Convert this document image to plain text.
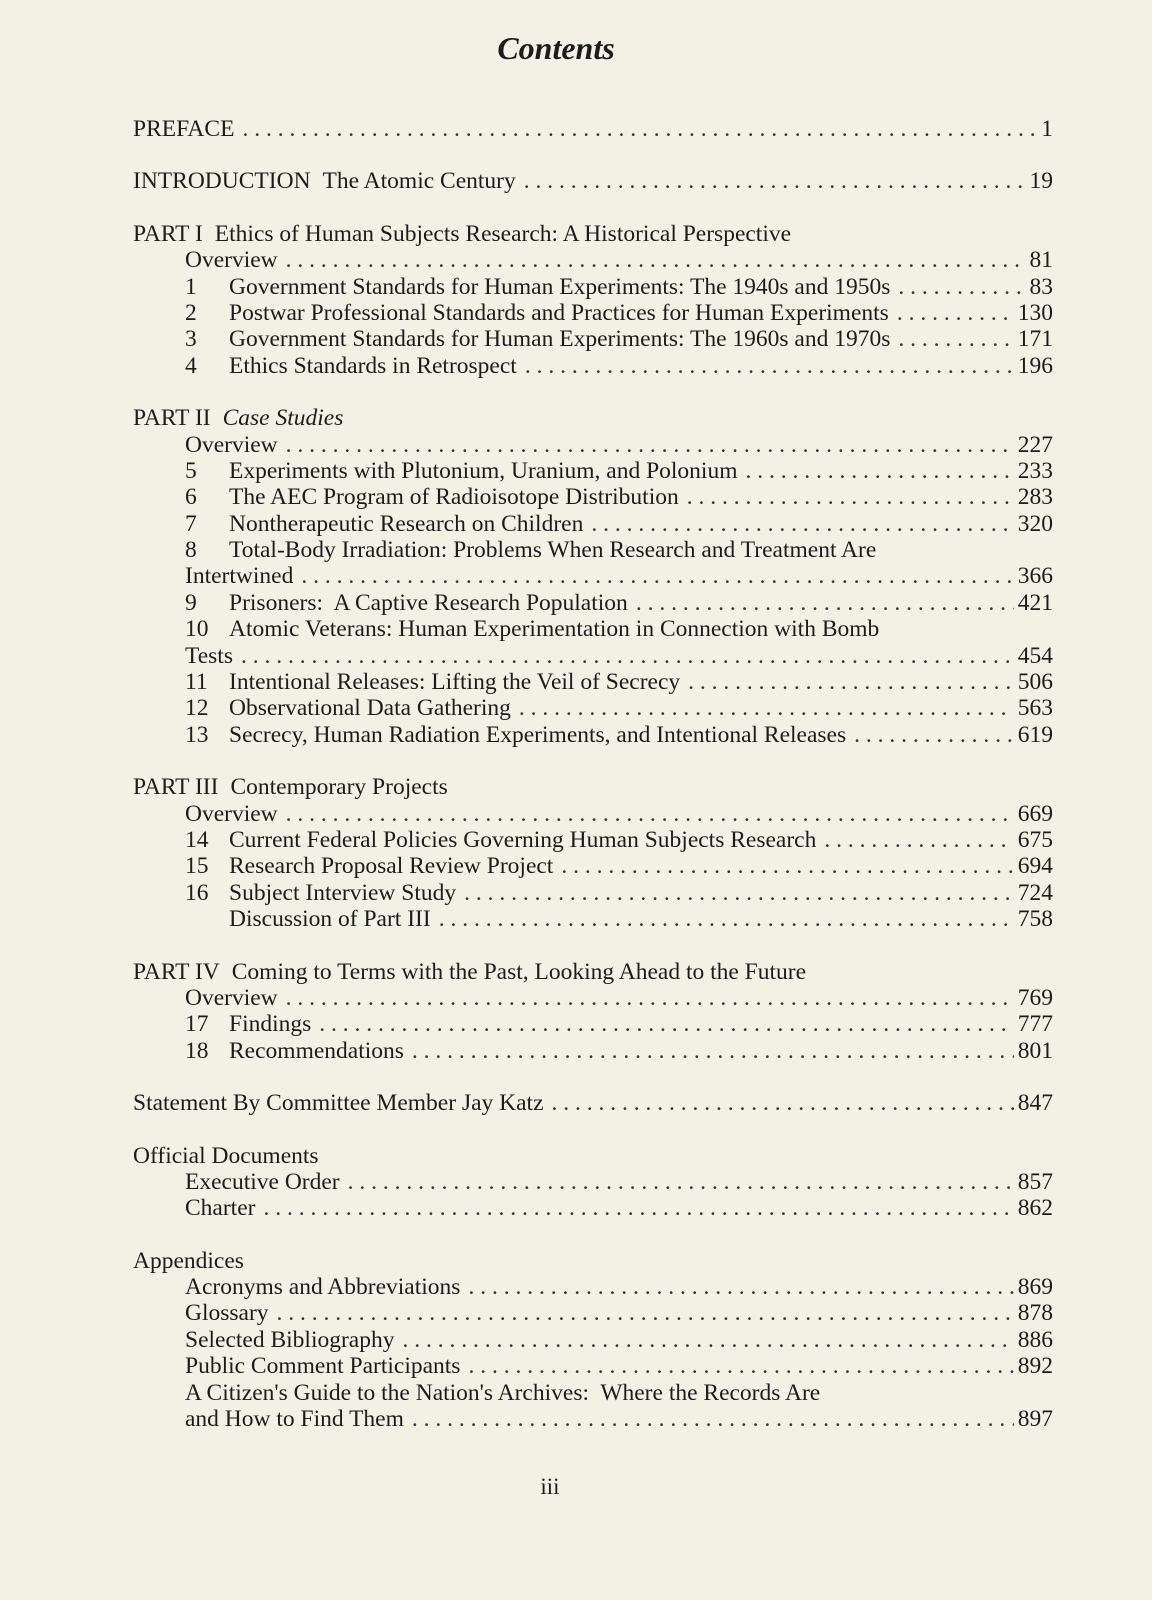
Contents
PREFACE . . .	1
INTRODUCTION The Atomic Century . . .	19
PART I Ethics of Human Subjects Research: A Historical Perspective
Overview . . .	81
1	Government Standards for Human Experiments: The 1940s and 1950s . . .	83
2	Postwar Professional Standards and Practices for Human Experiments . . .	130
3	Government Standards for Human Experiments: The 1960s and 1970s . . .	171
4	Ethics Standards in Retrospect . . .	196
PART II Case Studies
Overview . . .	227
5	Experiments with Plutonium, Uranium, and Polonium . . .	233
6	The AEC Program of Radioisotope Distribution . . .	283
7	Nontherapeutic Research on Children . . .	320
8	Total-Body Irradiation: Problems When Research and Treatment Are
Intertwined . . .	366
9	Prisoners:  A Captive Research Population . . .	421
10 Atomic Veterans: Human Experimentation in Connection with Bomb
Tests . . .	454
11 Intentional Releases: Lifting the Veil of Secrecy . . .	506
12 Observational Data Gathering . . .	563
13 Secrecy, Human Radiation Experiments, and Intentional Releases . . .	619
PART III Contemporary Projects
Overview . . .	669
14 Current Federal Policies Governing Human Subjects Research . . .	675
15 Research Proposal Review Project . . .	694
16 Subject Interview Study . . .	724
Discussion of Part III . . .	758
PART IV Coming to Terms with the Past, Looking Ahead to the Future
Overview . . .	769
17 Findings . . .	777
18 Recommendations . . .	801
Statement By Committee Member Jay Katz . . .	847
Official Documents
Executive Order . . .	857
Charter . . .	862
Appendices
Acronyms and Abbreviations . . .	869
Glossary . . .	878
Selected Bibliography . . .	886
Public Comment Participants . . .	892
A Citizen's Guide to the Nation's Archives:  Where the Records Are
and How to Find Them . . .	897
iii
